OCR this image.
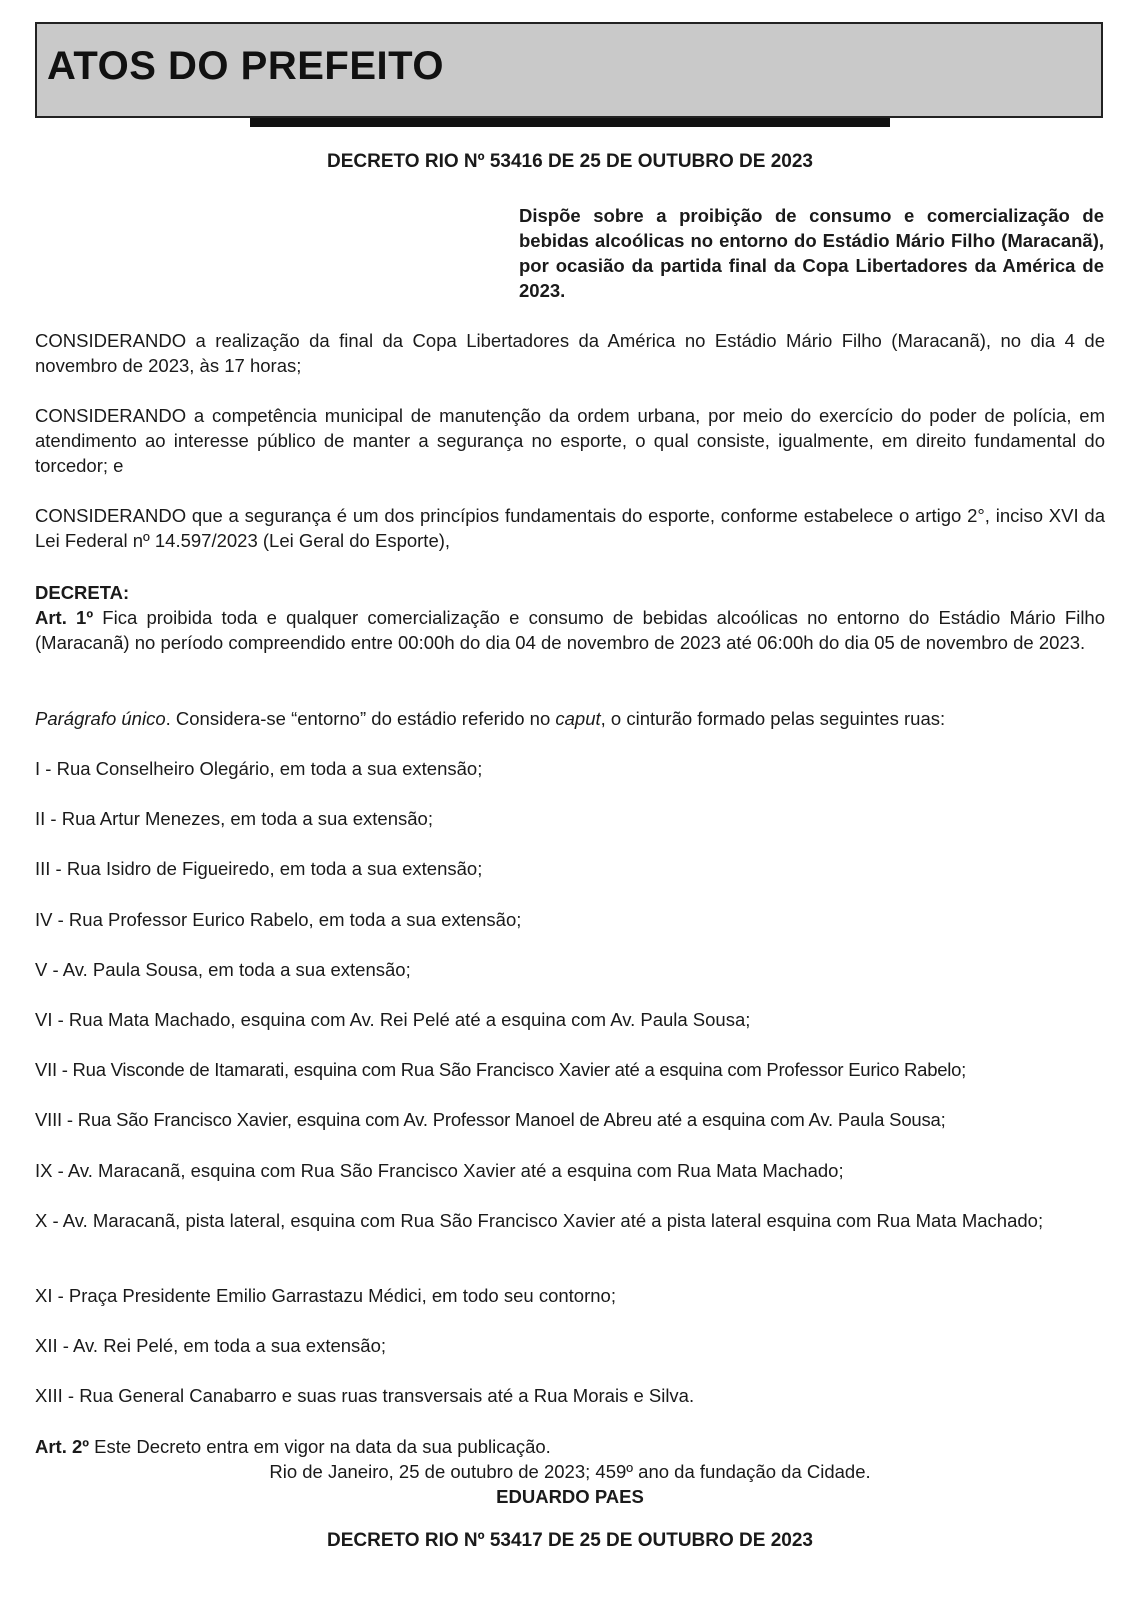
ATOS DO PREFEITO
DECRETO RIO Nº 53416 DE 25 DE OUTUBRO DE 2023

Dispõe sobre a proibição de consumo e comercialização de bebidas alcoólicas no entorno do Estádio Mário Filho (Maracanã), por ocasião da partida final da Copa Libertadores da América de 2023.

CONSIDERANDO a realização da final da Copa Libertadores da América no Estádio Mário Filho (Maracanã), no dia 4 de novembro de 2023, às 17 horas;

CONSIDERANDO a competência municipal de manutenção da ordem urbana, por meio do exercício do poder de polícia, em atendimento ao interesse público de manter a segurança no esporte, o qual consiste, igualmente, em direito fundamental do torcedor; e

CONSIDERANDO que a segurança é um dos princípios fundamentais do esporte, conforme estabelece o artigo 2°, inciso XVI da Lei Federal nº 14.597/2023 (Lei Geral do Esporte),

DECRETA:

Art. 1º Fica proibida toda e qualquer comercialização e consumo de bebidas alcoólicas no entorno do Estádio Mário Filho (Maracanã) no período compreendido entre 00:00h do dia 04 de novembro de 2023 até 06:00h do dia 05 de novembro de 2023.

Parágrafo único. Considera-se “entorno” do estádio referido no caput, o cinturão formado pelas seguintes ruas:

I - Rua Conselheiro Olegário, em toda a sua extensão;

II - Rua Artur Menezes, em toda a sua extensão;

III - Rua Isidro de Figueiredo, em toda a sua extensão;

IV - Rua Professor Eurico Rabelo, em toda a sua extensão;

V - Av. Paula Sousa, em toda a sua extensão;

VI - Rua Mata Machado, esquina com Av. Rei Pelé até a esquina com Av. Paula Sousa;

VII - Rua Visconde de Itamarati, esquina com Rua São Francisco Xavier até a esquina com Professor Eurico Rabelo;

VIII - Rua São Francisco Xavier, esquina com Av. Professor Manoel de Abreu até a esquina com Av. Paula Sousa;

IX - Av. Maracanã, esquina com Rua São Francisco Xavier até a esquina com Rua Mata Machado;

X - Av. Maracanã, pista lateral, esquina com Rua São Francisco Xavier até a pista lateral esquina com Rua Mata Machado;

XI - Praça Presidente Emilio Garrastazu Médici, em todo seu contorno;

XII - Av. Rei Pelé, em toda a sua extensão;

XIII - Rua General Canabarro e suas ruas transversais até a Rua Morais e Silva.

Art. 2º Este Decreto entra em vigor na data da sua publicação.

Rio de Janeiro, 25 de outubro de 2023; 459º ano da fundação da Cidade.

EDUARDO PAES

DECRETO RIO Nº 53417 DE 25 DE OUTUBRO DE 2023
